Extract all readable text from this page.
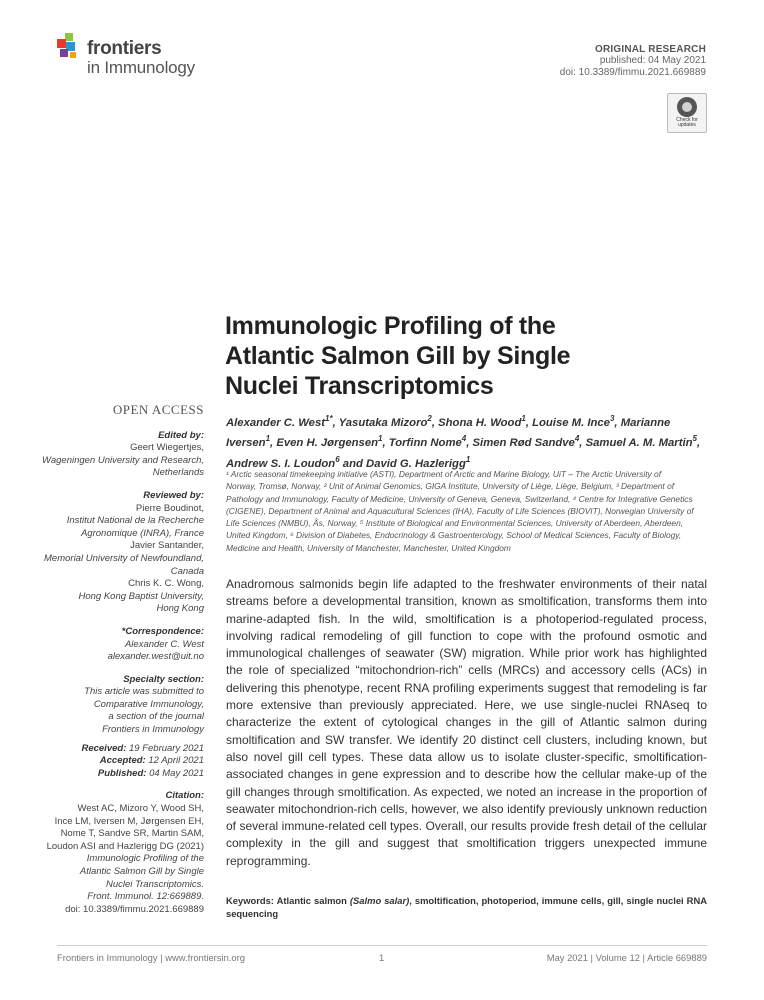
frontiers
in Immunology
ORIGINAL RESEARCH
published: 04 May 2021
doi: 10.3389/fimmu.2021.669889
Check for updates
Immunologic Profiling of the
Atlantic Salmon Gill by Single
Nuclei Transcriptomics
OPEN ACCESS
Edited by:
Geert Wiegertjes,
Wageningen University and Research,
Netherlands
Reviewed by:
Pierre Boudinot,
Institut National de la Recherche
Agronomique (INRA), France
Javier Santander,
Memorial University of Newfoundland,
Canada
Chris K. C. Wong,
Hong Kong Baptist University,
Hong Kong
*Correspondence:
Alexander C. West
alexander.west@uit.no
Specialty section:
This article was submitted to
Comparative Immunology,
a section of the journal
Frontiers in Immunology
Received: 19 February 2021
Accepted: 12 April 2021
Published: 04 May 2021
Citation:
West AC, Mizoro Y, Wood SH,
Ince LM, Iversen M, Jørgensen EH,
Nome T, Sandve SR, Martin SAM,
Loudon ASI and Hazlerigg DG (2021)
Immunologic Profiling of the
Atlantic Salmon Gill by Single
Nuclei Transcriptomics.
Front. Immunol. 12:669889.
doi: 10.3389/fimmu.2021.669889
Alexander C. West$^{1*}$, Yasutaka Mizoro$^2$, Shona H. Wood$^1$, Louise M. Ince$^3$, Marianne Iversen$^1$, Even H. Jørgensen$^1$, Torfinn Nome$^4$, Simen Rød Sandve$^4$, Samuel A. M. Martin$^5$, Andrew S. I. Loudon$^6$ and David G. Hazlerigg$^1$
¹ Arctic seasonal timekeeping initiative (ASTI), Department of Arctic and Marine Biology, UiT – The Arctic University of
Norway, Tromsø, Norway, ² Unit of Animal Genomics, GIGA Institute, University of Liège, Liège, Belgium, ³ Department of
Pathology and Immunology, Faculty of Medicine, University of Geneva, Geneva, Switzerland, ⁴ Centre for Integrative Genetics
(CIGENE), Department of Animal and Aquacultural Sciences (IHA), Faculty of Life Sciences (BIOVIT), Norwegian University of
Life Sciences (NMBU), Ås, Norway, ⁵ Institute of Biological and Environmental Sciences, University of Aberdeen, Aberdeen,
United Kingdom, ⁶ Division of Diabetes, Endocrinology & Gastroenterology, School of Medical Sciences, Faculty of Biology,
Medicine and Health, University of Manchester, Manchester, United Kingdom
Anadromous salmonids begin life adapted to the freshwater environments of their natal streams before a developmental transition, known as smoltification, transforms them into marine-adapted fish. In the wild, smoltification is a photoperiod-regulated process, involving radical remodeling of gill function to cope with the profound osmotic and immunological challenges of seawater (SW) migration. While prior work has highlighted the role of specialized “mitochondrion-rich” cells (MRCs) and accessory cells (ACs) in delivering this phenotype, recent RNA profiling experiments suggest that remodeling is far more extensive than previously appreciated. Here, we use single-nuclei RNAseq to characterize the extent of cytological changes in the gill of Atlantic salmon during smoltification and SW transfer. We identify 20 distinct cell clusters, including known, but also novel gill cell types. These data allow us to isolate cluster-specific, smoltification-associated changes in gene expression and to describe how the cellular make-up of the gill changes through smoltification. As expected, we noted an increase in the proportion of seawater mitochondrion-rich cells, however, we also identify previously unknown reduction of several immune-related cell types. Overall, our results provide fresh detail of the cellular complexity in the gill and suggest that smoltification triggers unexpected immune reprogramming.
Keywords: Atlantic salmon (Salmo salar), smoltification, photoperiod, immune cells, gill, single nuclei RNA sequencing
Frontiers in Immunology | www.frontiersin.org	1	May 2021 | Volume 12 | Article 669889
